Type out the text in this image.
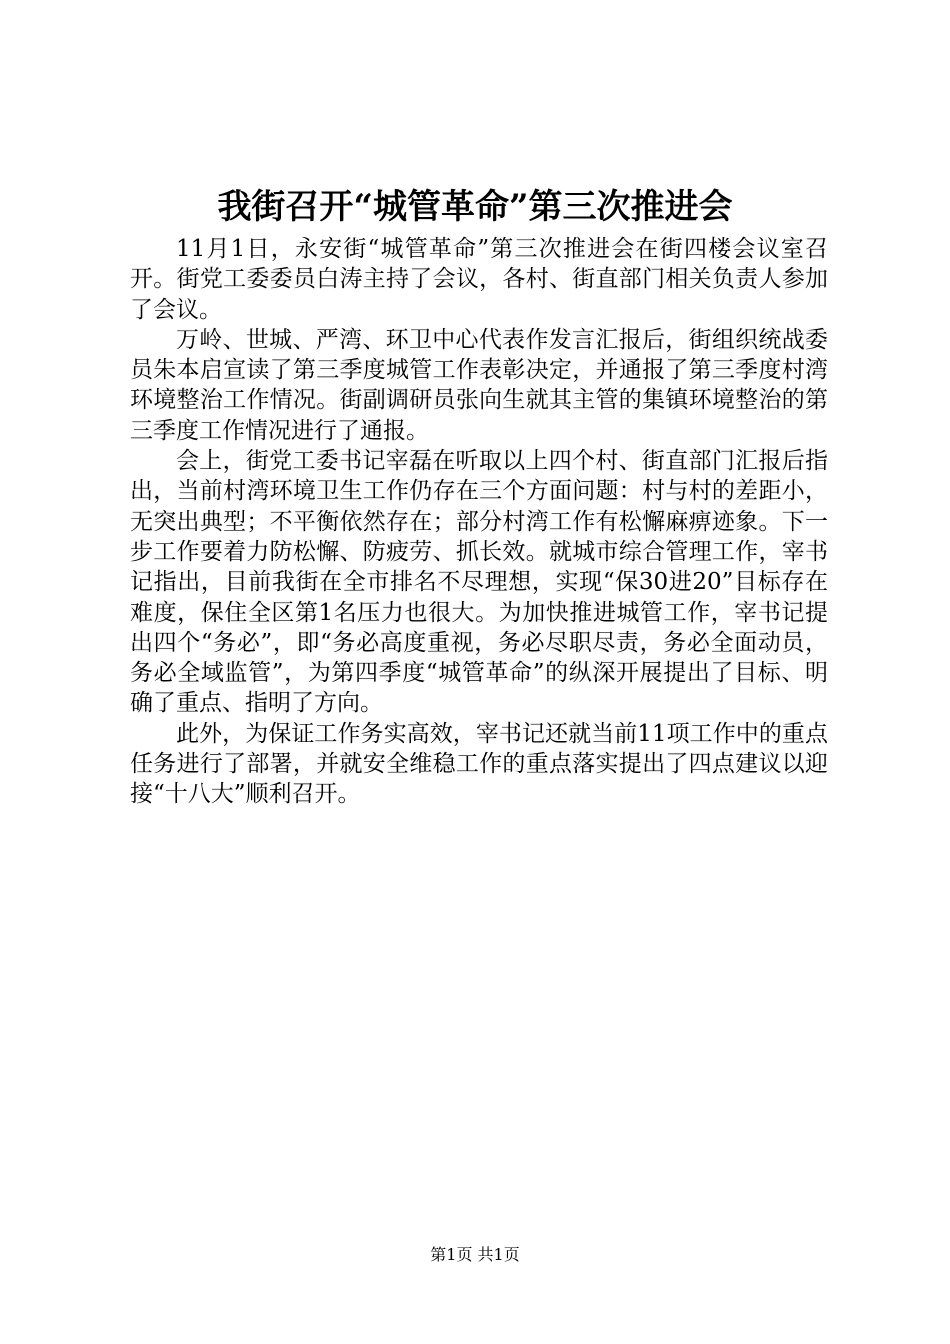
我街召开“城管革命”第三次推进会

11月1日，永安街“城管革命”第三次推进会在街四楼会议室召开。街党工委委员白涛主持了会议，各村、街直部门相关负责人参加了会议。

万岭、世城、严湾、环卫中心代表作发言汇报后，街组织统战委员朱本启宣读了第三季度城管工作表彰决定，并通报了第三季度村湾环境整治工作情况。街副调研员张向生就其主管的集镇环境整治的第三季度工作情况进行了通报。

会上，街党工委书记宰磊在听取以上四个村、街直部门汇报后指出，当前村湾环境卫生工作仍存在三个方面问题：村与村的差距小，无突出典型；不平衡依然存在；部分村湾工作有松懈麻痹迹象。下一步工作要着力防松懈、防疲劳、抓长效。就城市综合管理工作，宰书记指出，目前我街在全市排名不尽理想，实现“保30进20”目标存在难度，保住全区第1名压力也很大。为加快推进城管工作，宰书记提出四个“务必”，即“务必高度重视，务必尽职尽责，务必全面动员，务必全域监管”，为第四季度“城管革命”的纵深开展提出了目标、明确了重点、指明了方向。

此外，为保证工作务实高效，宰书记还就当前11项工作中的重点任务进行了部署，并就安全维稳工作的重点落实提出了四点建议以迎接“十八大”顺利召开。

第1页 共1页
